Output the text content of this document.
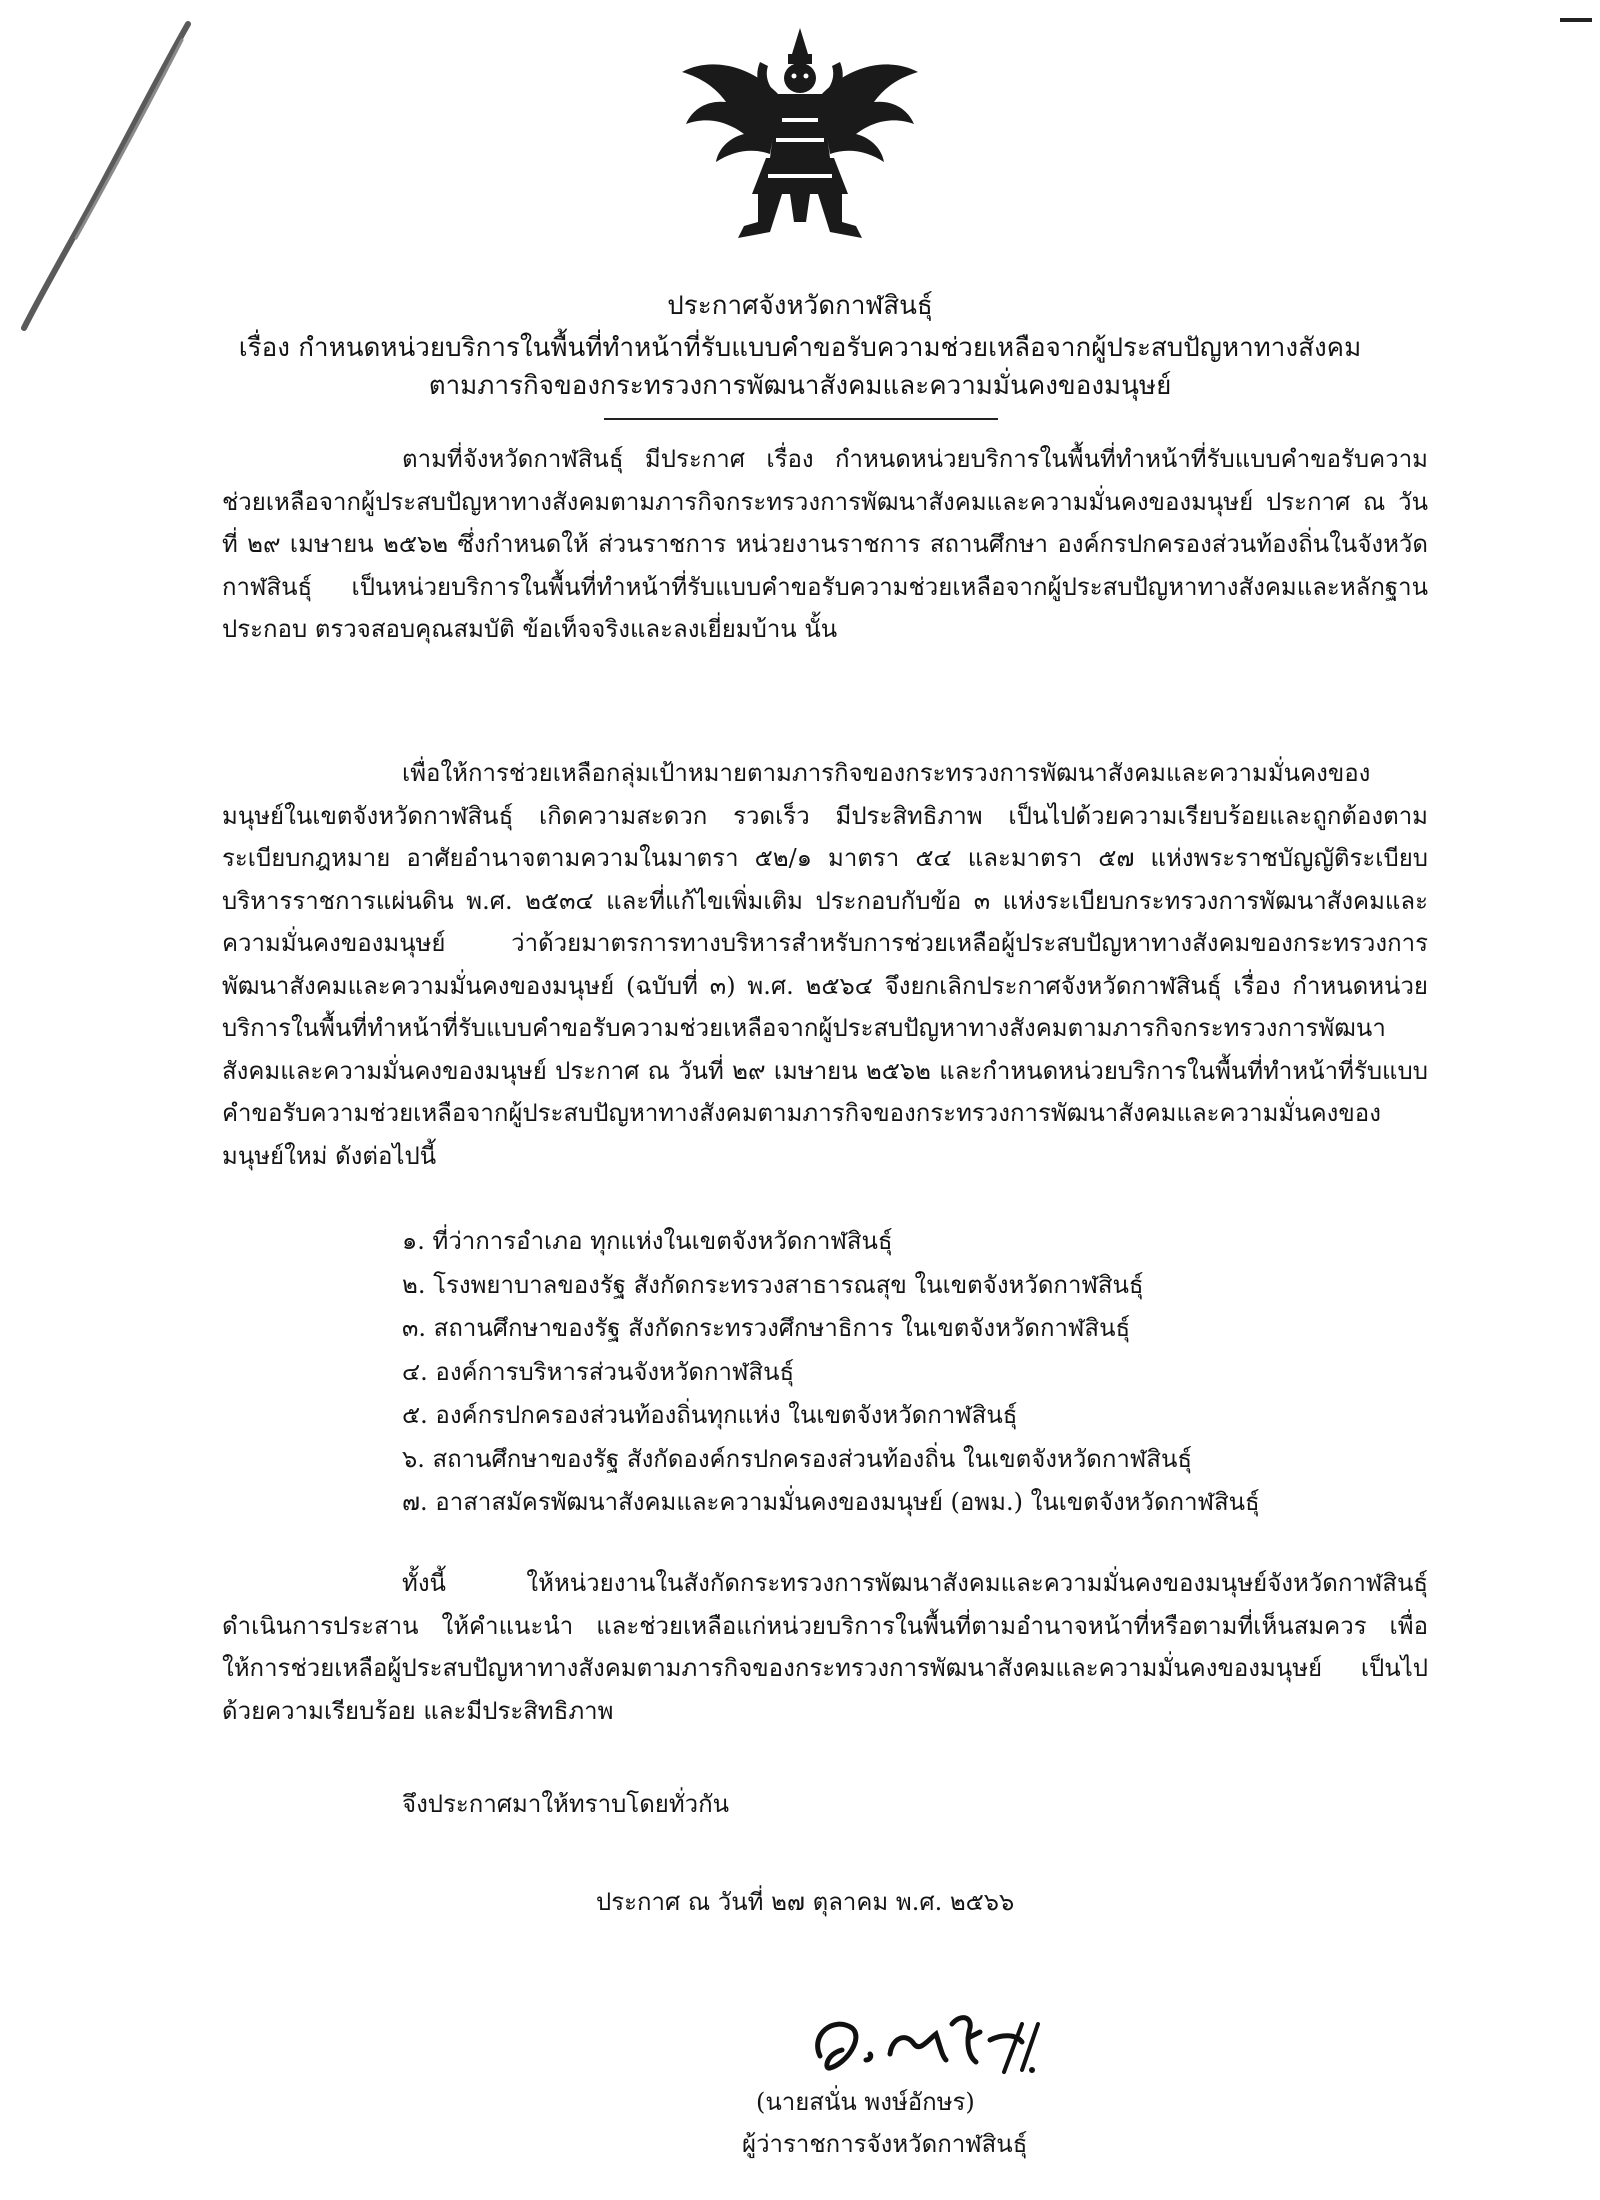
ประกาศจังหวัดกาฬสินธุ์
เรื่อง กำหนดหน่วยบริการในพื้นที่ทำหน้าที่รับแบบคำขอรับความช่วยเหลือจากผู้ประสบปัญหาทางสังคม
ตามภารกิจของกระทรวงการพัฒนาสังคมและความมั่นคงของมนุษย์

ตามที่จังหวัดกาฬสินธุ์ มีประกาศ เรื่อง กำหนดหน่วยบริการในพื้นที่ทำหน้าที่รับแบบคำขอรับความช่วยเหลือจากผู้ประสบปัญหาทางสังคมตามภารกิจกระทรวงการพัฒนาสังคมและความมั่นคงของมนุษย์ ประกาศ ณ วันที่ ๒๙ เมษายน ๒๕๖๒ ซึ่งกำหนดให้ ส่วนราชการ หน่วยงานราชการ สถานศึกษา องค์กรปกครองส่วนท้องถิ่นในจังหวัดกาฬสินธุ์ เป็นหน่วยบริการในพื้นที่ทำหน้าที่รับแบบคำขอรับความช่วยเหลือจากผู้ประสบปัญหาทางสังคมและหลักฐานประกอบ ตรวจสอบคุณสมบัติ ข้อเท็จจริงและลงเยี่ยมบ้าน นั้น

เพื่อให้การช่วยเหลือกลุ่มเป้าหมายตามภารกิจของกระทรวงการพัฒนาสังคมและความมั่นคงของมนุษย์ในเขตจังหวัดกาฬสินธุ์ เกิดความสะดวก รวดเร็ว มีประสิทธิภาพ เป็นไปด้วยความเรียบร้อยและถูกต้องตามระเบียบกฎหมาย อาศัยอำนาจตามความในมาตรา ๕๒/๑ มาตรา ๕๔ และมาตรา ๕๗ แห่งพระราชบัญญัติระเบียบบริหารราชการแผ่นดิน พ.ศ. ๒๕๓๔ และที่แก้ไขเพิ่มเติม ประกอบกับข้อ ๓ แห่งระเบียบกระทรวงการพัฒนาสังคมและความมั่นคงของมนุษย์ ว่าด้วยมาตรการทางบริหารสำหรับการช่วยเหลือผู้ประสบปัญหาทางสังคมของกระทรวงการพัฒนาสังคมและความมั่นคงของมนุษย์ (ฉบับที่ ๓) พ.ศ. ๒๕๖๔ จึงยกเลิกประกาศจังหวัดกาฬสินธุ์ เรื่อง กำหนดหน่วยบริการในพื้นที่ทำหน้าที่รับแบบคำขอรับความช่วยเหลือจากผู้ประสบปัญหาทางสังคมตามภารกิจกระทรวงการพัฒนาสังคมและความมั่นคงของมนุษย์ ประกาศ ณ วันที่ ๒๙ เมษายน ๒๕๖๒ และกำหนดหน่วยบริการในพื้นที่ทำหน้าที่รับแบบคำขอรับความช่วยเหลือจากผู้ประสบปัญหาทางสังคมตามภารกิจของกระทรวงการพัฒนาสังคมและความมั่นคงของมนุษย์ใหม่ ดังต่อไปนี้

๑. ที่ว่าการอำเภอ ทุกแห่งในเขตจังหวัดกาฬสินธุ์
๒. โรงพยาบาลของรัฐ สังกัดกระทรวงสาธารณสุข ในเขตจังหวัดกาฬสินธุ์
๓. สถานศึกษาของรัฐ สังกัดกระทรวงศึกษาธิการ ในเขตจังหวัดกาฬสินธุ์
๔. องค์การบริหารส่วนจังหวัดกาฬสินธุ์
๕. องค์กรปกครองส่วนท้องถิ่นทุกแห่ง ในเขตจังหวัดกาฬสินธุ์
๖. สถานศึกษาของรัฐ สังกัดองค์กรปกครองส่วนท้องถิ่น ในเขตจังหวัดกาฬสินธุ์
๗. อาสาสมัครพัฒนาสังคมและความมั่นคงของมนุษย์ (อพม.) ในเขตจังหวัดกาฬสินธุ์

ทั้งนี้ ให้หน่วยงานในสังกัดกระทรวงการพัฒนาสังคมและความมั่นคงของมนุษย์จังหวัดกาฬสินธุ์ ดำเนินการประสาน ให้คำแนะนำ และช่วยเหลือแก่หน่วยบริการในพื้นที่ตามอำนาจหน้าที่หรือตามที่เห็นสมควร เพื่อให้การช่วยเหลือผู้ประสบปัญหาทางสังคมตามภารกิจของกระทรวงการพัฒนาสังคมและความมั่นคงของมนุษย์ เป็นไปด้วยความเรียบร้อย และมีประสิทธิภาพ

จึงประกาศมาให้ทราบโดยทั่วกัน
ประกาศ ณ วันที่ ๒๗ ตุลาคม พ.ศ. ๒๕๖๖
(นายสนั่น พงษ์อักษร)
ผู้ว่าราชการจังหวัดกาฬสินธุ์
